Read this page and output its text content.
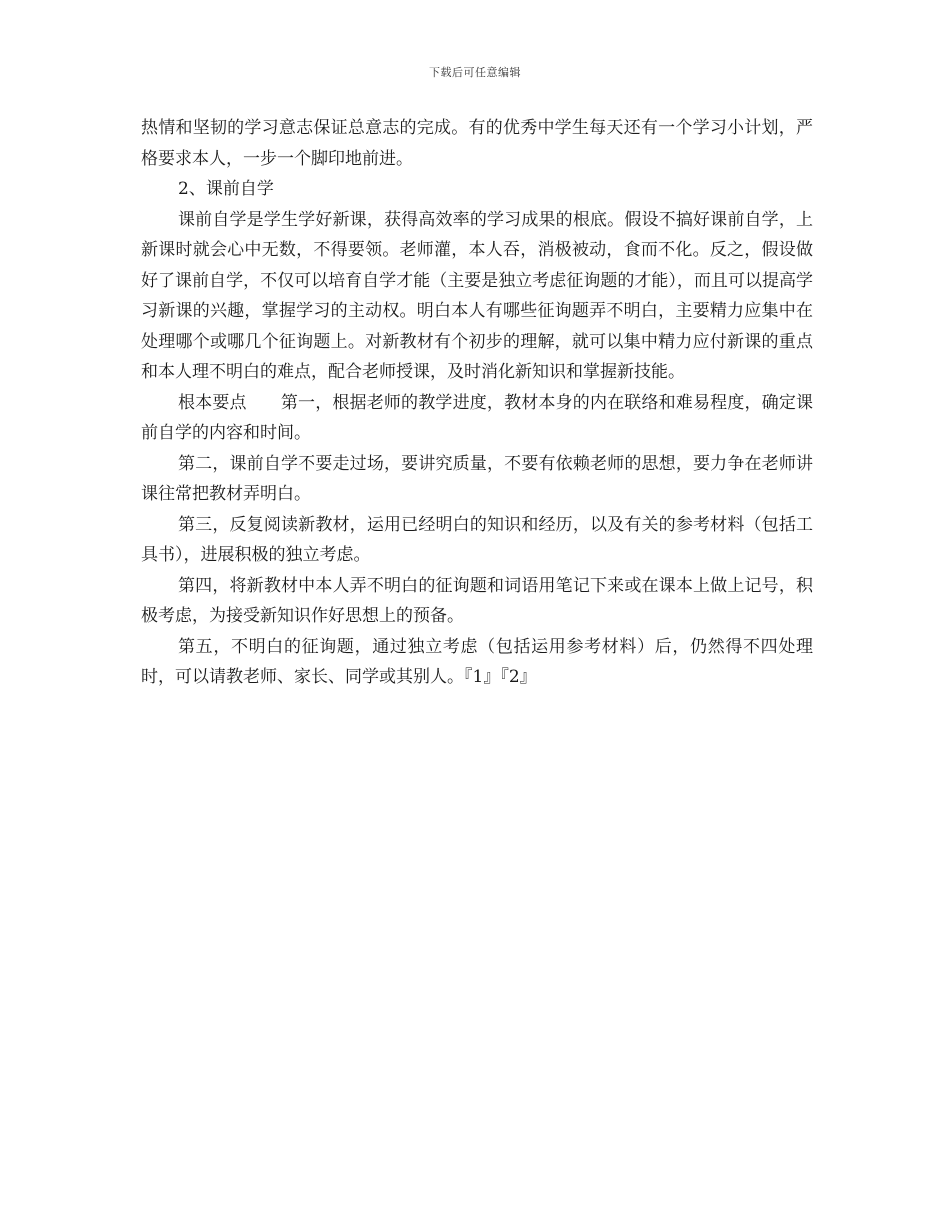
下载后可任意编辑

热情和坚韧的学习意志保证总意志的完成。有的优秀中学生每天还有一个学习小计划，严格要求本人，一步一个脚印地前进。

2、课前自学

课前自学是学生学好新课，获得高效率的学习成果的根底。假设不搞好课前自学，上新课时就会心中无数，不得要领。老师灌，本人吞，消极被动，食而不化。反之，假设做好了课前自学，不仅可以培育自学才能（主要是独立考虑征询题的才能），而且可以提高学习新课的兴趣，掌握学习的主动权。明白本人有哪些征询题弄不明白，主要精力应集中在处理哪个或哪几个征询题上。对新教材有个初步的理解，就可以集中精力应付新课的重点和本人理不明白的难点，配合老师授课，及时消化新知识和掌握新技能。

根本要点 第一，根据老师的教学进度，教材本身的内在联络和难易程度，确定课前自学的内容和时间。

第二，课前自学不要走过场，要讲究质量，不要有依赖老师的思想，要力争在老师讲课往常把教材弄明白。

第三，反复阅读新教材，运用已经明白的知识和经历，以及有关的参考材料（包括工具书），进展积极的独立考虑。

第四，将新教材中本人弄不明白的征询题和词语用笔记下来或在课本上做上记号，积极考虑，为接受新知识作好思想上的预备。

第五，不明白的征询题，通过独立考虑（包括运用参考材料）后，仍然得不四处理时，可以请教老师、家长、同学或其别人。『1』『2』
